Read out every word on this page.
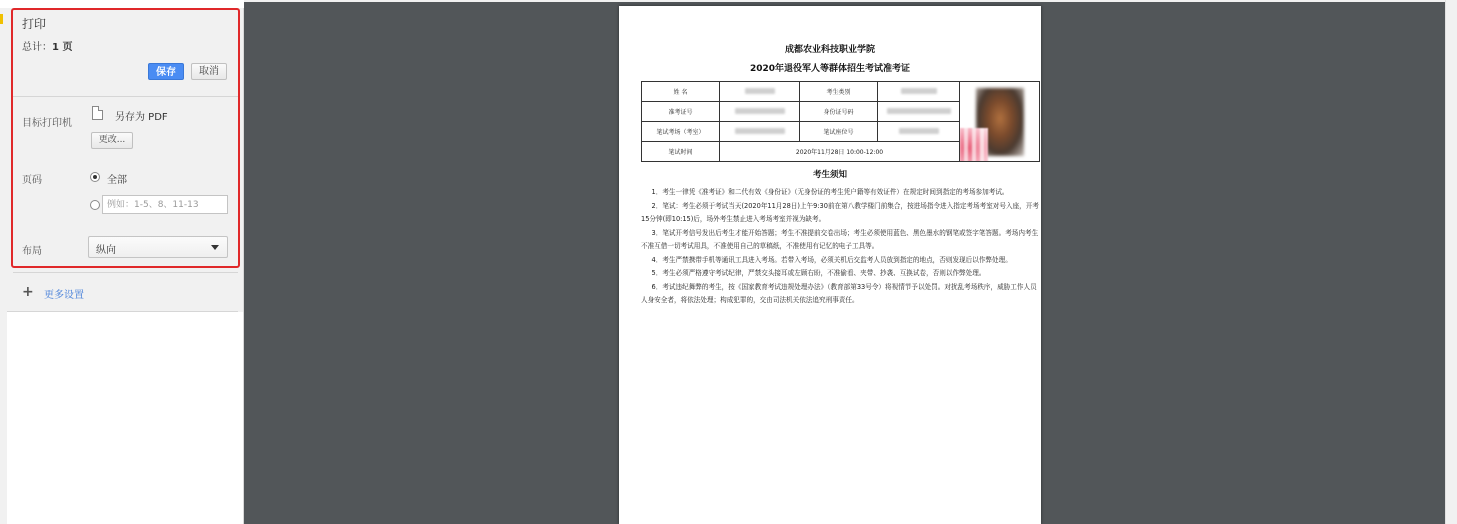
打印
总计：1 页
保存	取消
目标打印机
另存为 PDF
更改...
页码	全部
例如：1-5、8、11-13
布局	纵向
+ 更多设置
成都农业科技职业学院
2020年退役军人等群体招生考试准考证
姓 名		考生类别		

准考证号		身份证号码		
笔试考场（考室）		笔试座位号		
笔试时间	2020年11月28日 10:00-12:00			
考生须知

1．考生一律凭《准考证》和二代有效《身份证》（无身份证的考生凭户籍等有效证件）在规定时间到指定的考场参加考试。

2．笔试：考生必须于考试当天(2020年11月28日)上午9:30前在第八教学楼门前集合，按进场指令进入指定考场考室对号入座，开考15分钟(即10:15)后，场外考生禁止进入考场考室并视为缺考。

3．笔试开考信号发出后考生才能开始答题；考生不准提前交卷出场；考生必须使用蓝色、黑色墨水的钢笔或签字笔答题。考场内考生不准互借一切考试用具，不准使用自己的草稿纸，不准使用有记忆的电子工具等。

4．考生严禁携带手机等通讯工具进入考场。若带入考场，必须关机后交监考人员放到指定的地点，否则发现后以作弊处理。

5．考生必须严格遵守考试纪律，严禁交头接耳或左顾右盼，不准偷看、夹带、抄袭、互换试卷，否则以作弊处理。

6．考试违纪舞弊的考生，按《国家教育考试违规处理办法》（教育部第33号令）将视情节予以处罚。对扰乱考场秩序，威胁工作人员人身安全者，将依法处理；构成犯罪的，交由司法机关依法追究刑事责任。
